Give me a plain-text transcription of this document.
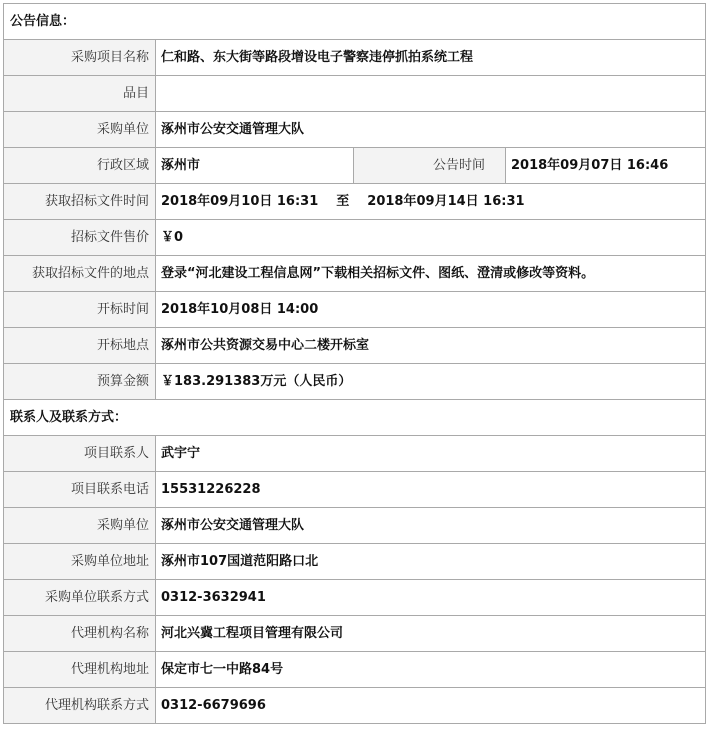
公告信息：			
采购项目名称	仁和路、东大街等路段增设电子警察违停抓拍系统工程		
品目			
采购单位	涿州市公安交通管理大队		
行政区域	涿州市	公告时间	2018年09月07日 16:46
获取招标文件时间	2018年09月10日 16:31 至 2018年09月14日 16:31		
招标文件售价	￥0		
获取招标文件的地点	登录“河北建设工程信息网”下载相关招标文件、图纸、澄清或修改等资料。		
开标时间	2018年10月08日 14:00		
开标地点	涿州市公共资源交易中心二楼开标室		
预算金额	￥183.291383万元（人民币）		
联系人及联系方式：			
项目联系人	武宇宁		
项目联系电话	15531226228		
采购单位	涿州市公安交通管理大队		
采购单位地址	涿州市107国道范阳路口北		
采购单位联系方式	0312-3632941		
代理机构名称	河北兴冀工程项目管理有限公司		
代理机构地址	保定市七一中路84号		
代理机构联系方式	0312-6679696		
